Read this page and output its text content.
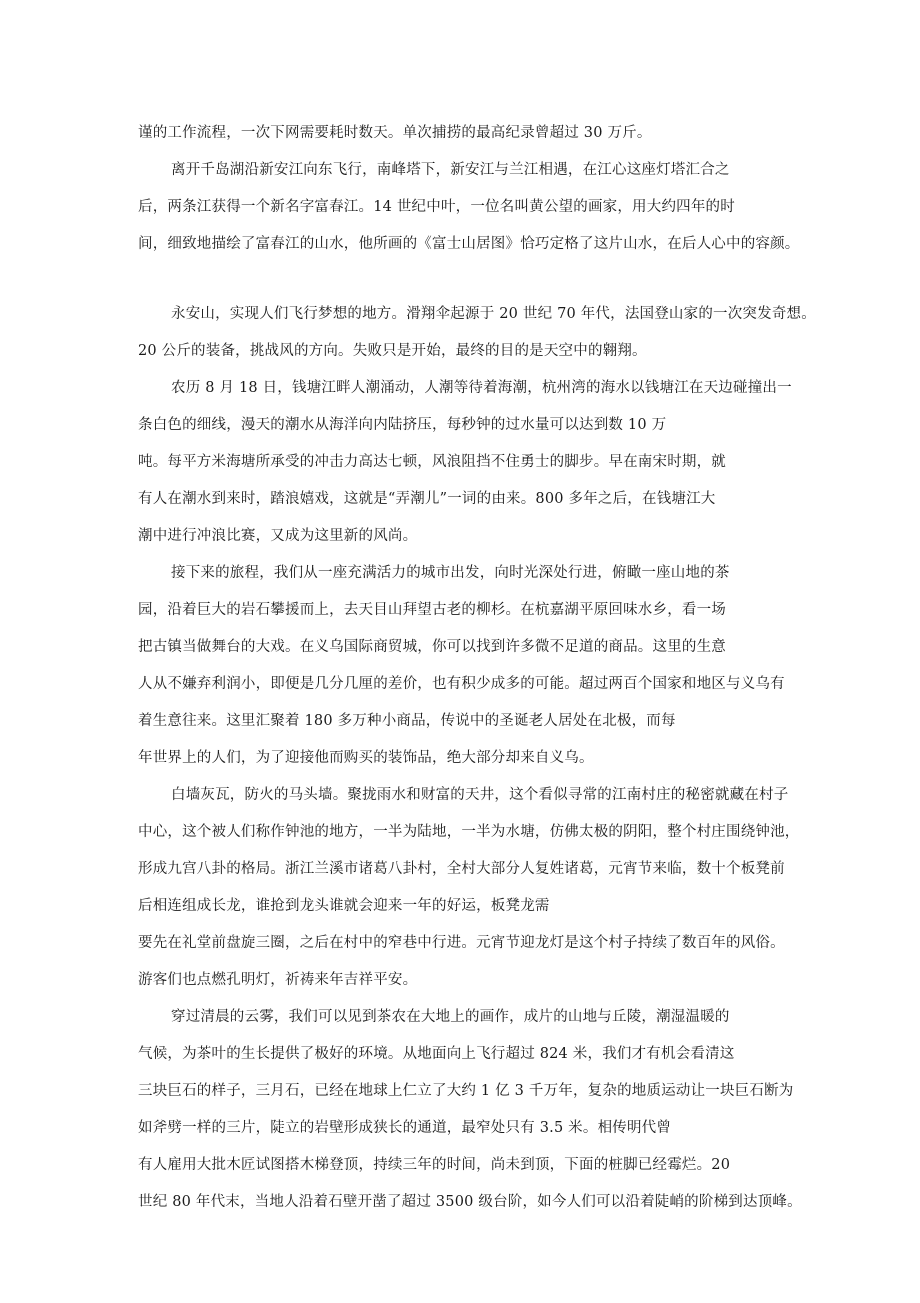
谨的工作流程，一次下网需要耗时数天。单次捕捞的最高纪录曾超过 30 万斤。
离开千岛湖沿新安江向东飞行，南峰塔下，新安江与兰江相遇，在江心这座灯塔汇合之
后，两条江获得一个新名字富春江。14 世纪中叶，一位名叫黄公望的画家，用大约四年的时
间，细致地描绘了富春江的山水，他所画的《富士山居图》恰巧定格了这片山水，在后人心中的容颜。
永安山，实现人们飞行梦想的地方。滑翔伞起源于 20 世纪 70 年代，法国登山家的一次突发奇想。
20 公斤的装备，挑战风的方向。失败只是开始，最终的目的是天空中的翱翔。
农历 8 月 18 日，钱塘江畔人潮涌动，人潮等待着海潮，杭州湾的海水以钱塘江在天边碰撞出一
条白色的细线，漫天的潮水从海洋向内陆挤压，每秒钟的过水量可以达到数 10 万
吨。每平方米海塘所承受的冲击力高达七顿，风浪阻挡不住勇士的脚步。早在南宋时期，就
有人在潮水到来时，踏浪嬉戏，这就是“弄潮儿”一词的由来。800 多年之后，在钱塘江大
潮中进行冲浪比赛，又成为这里新的风尚。
接下来的旅程，我们从一座充满活力的城市出发，向时光深处行进，俯瞰一座山地的茶
园，沿着巨大的岩石攀援而上，去天目山拜望古老的柳杉。在杭嘉湖平原回味水乡，看一场
把古镇当做舞台的大戏。在义乌国际商贸城，你可以找到许多微不足道的商品。这里的生意
人从不嫌弃利润小，即便是几分几厘的差价，也有积少成多的可能。超过两百个国家和地区与义乌有
着生意往来。这里汇聚着 180 多万种小商品，传说中的圣诞老人居处在北极，而每
年世界上的人们，为了迎接他而购买的装饰品，绝大部分却来自义乌。
白墙灰瓦，防火的马头墙。聚拢雨水和财富的天井，这个看似寻常的江南村庄的秘密就藏在村子
中心，这个被人们称作钟池的地方，一半为陆地，一半为水塘，仿佛太极的阴阳，整个村庄围绕钟池，
形成九宫八卦的格局。浙江兰溪市诸葛八卦村，全村大部分人复姓诸葛，元宵节来临，数十个板凳前
后相连组成长龙，谁抢到龙头谁就会迎来一年的好运，板凳龙需
要先在礼堂前盘旋三圈，之后在村中的窄巷中行进。元宵节迎龙灯是这个村子持续了数百年的风俗。
游客们也点燃孔明灯，祈祷来年吉祥平安。
穿过清晨的云雾，我们可以见到茶农在大地上的画作，成片的山地与丘陵，潮湿温暖的
气候，为茶叶的生长提供了极好的环境。从地面向上飞行超过 824 米，我们才有机会看清这
三块巨石的样子，三月石，已经在地球上仁立了大约 1 亿 3 千万年，复杂的地质运动让一块巨石断为
如斧劈一样的三片，陡立的岩壁形成狭长的通道，最窄处只有 3.5 米。相传明代曾
有人雇用大批木匠试图搭木梯登顶，持续三年的时间，尚未到顶，下面的桩脚已经霉烂。20
世纪 80 年代末，当地人沿着石壁开凿了超过 3500 级台阶，如今人们可以沿着陡峭的阶梯到达顶峰。
